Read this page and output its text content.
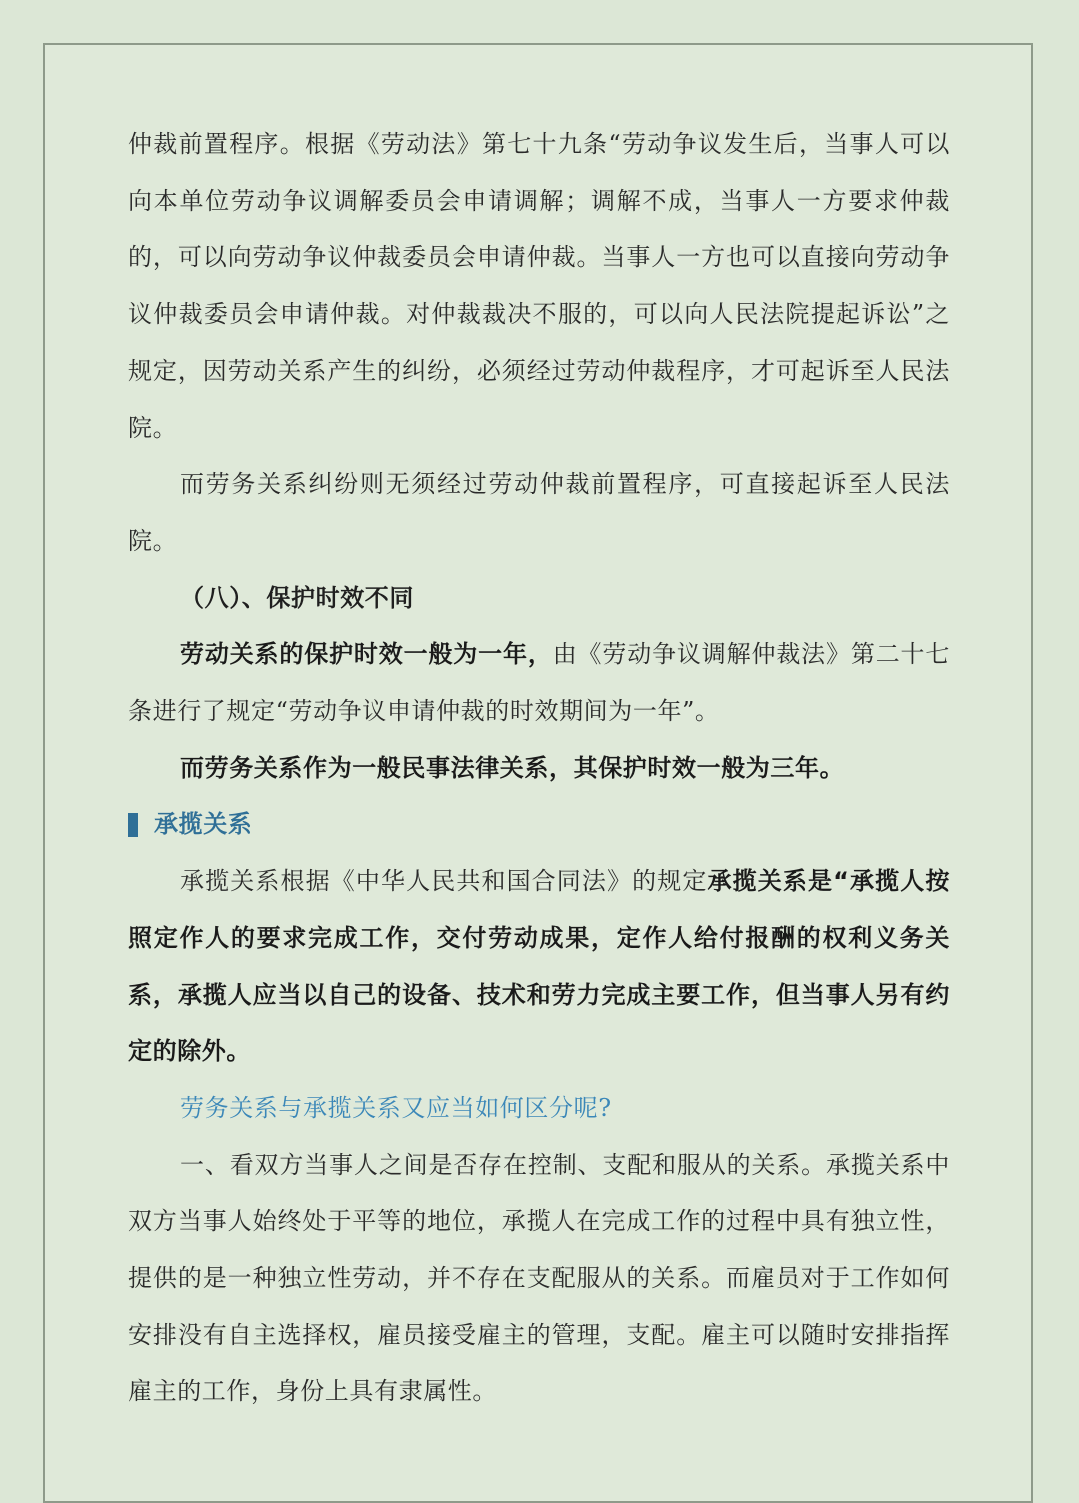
仲裁前置程序。根据《劳动法》第七十九条“劳动争议发生后，当事人可以向本单位劳动争议调解委员会申请调解；调解不成，当事人一方要求仲裁的，可以向劳动争议仲裁委员会申请仲裁。当事人一方也可以直接向劳动争议仲裁委员会申请仲裁。对仲裁裁决不服的，可以向人民法院提起诉讼”之规定，因劳动关系产生的纠纷，必须经过劳动仲裁程序，才可起诉至人民法院。

而劳务关系纠纷则无须经过劳动仲裁前置程序，可直接起诉至人民法院。

（八）、保护时效不同

劳动关系的保护时效一般为一年，由《劳动争议调解仲裁法》第二十七条进行了规定“劳动争议申请仲裁的时效期间为一年”。

而劳务关系作为一般民事法律关系，其保护时效一般为三年。

承揽关系

承揽关系根据《中华人民共和国合同法》的规定承揽关系是“承揽人按照定作人的要求完成工作，交付劳动成果，定作人给付报酬的权利义务关系，承揽人应当以自己的设备、技术和劳力完成主要工作，但当事人另有约定的除外。

劳务关系与承揽关系又应当如何区分呢?

一、看双方当事人之间是否存在控制、支配和服从的关系。承揽关系中双方当事人始终处于平等的地位，承揽人在完成工作的过程中具有独立性，提供的是一种独立性劳动，并不存在支配服从的关系。而雇员对于工作如何安排没有自主选择权，雇员接受雇主的管理，支配。雇主可以随时安排指挥雇主的工作，身份上具有隶属性。
